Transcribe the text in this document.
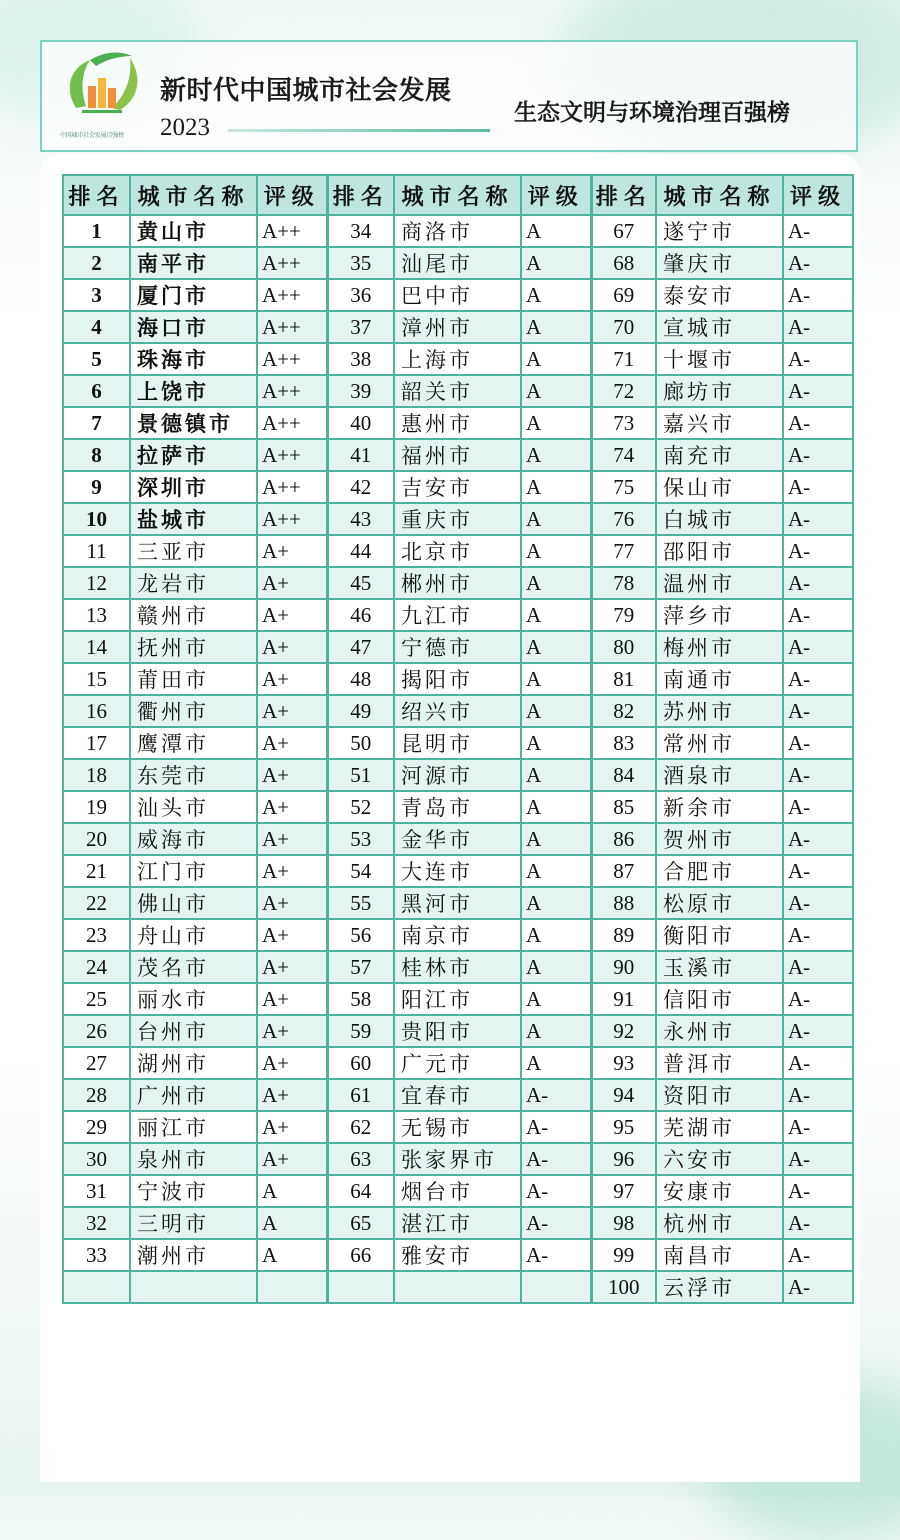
中国城市社会发展百强榜
新时代中国城市社会发展
2023
生态文明与环境治理百强榜
排名	城市名称	评级	排名	城市名称	评级	排名	城市名称	评级
1	黄山市	A++	34	商洛市	A	67	遂宁市	A-
2	南平市	A++	35	汕尾市	A	68	肇庆市	A-
3	厦门市	A++	36	巴中市	A	69	泰安市	A-
4	海口市	A++	37	漳州市	A	70	宣城市	A-
5	珠海市	A++	38	上海市	A	71	十堰市	A-
6	上饶市	A++	39	韶关市	A	72	廊坊市	A-
7	景德镇市	A++	40	惠州市	A	73	嘉兴市	A-
8	拉萨市	A++	41	福州市	A	74	南充市	A-
9	深圳市	A++	42	吉安市	A	75	保山市	A-
10	盐城市	A++	43	重庆市	A	76	白城市	A-
11	三亚市	A+	44	北京市	A	77	邵阳市	A-
12	龙岩市	A+	45	郴州市	A	78	温州市	A-
13	赣州市	A+	46	九江市	A	79	萍乡市	A-
14	抚州市	A+	47	宁德市	A	80	梅州市	A-
15	莆田市	A+	48	揭阳市	A	81	南通市	A-
16	衢州市	A+	49	绍兴市	A	82	苏州市	A-
17	鹰潭市	A+	50	昆明市	A	83	常州市	A-
18	东莞市	A+	51	河源市	A	84	酒泉市	A-
19	汕头市	A+	52	青岛市	A	85	新余市	A-
20	威海市	A+	53	金华市	A	86	贺州市	A-
21	江门市	A+	54	大连市	A	87	合肥市	A-
22	佛山市	A+	55	黑河市	A	88	松原市	A-
23	舟山市	A+	56	南京市	A	89	衡阳市	A-
24	茂名市	A+	57	桂林市	A	90	玉溪市	A-
25	丽水市	A+	58	阳江市	A	91	信阳市	A-
26	台州市	A+	59	贵阳市	A	92	永州市	A-
27	湖州市	A+	60	广元市	A	93	普洱市	A-
28	广州市	A+	61	宜春市	A-	94	资阳市	A-
29	丽江市	A+	62	无锡市	A-	95	芜湖市	A-
30	泉州市	A+	63	张家界市	A-	96	六安市	A-
31	宁波市	A	64	烟台市	A-	97	安康市	A-
32	三明市	A	65	湛江市	A-	98	杭州市	A-
33	潮州市	A	66	雅安市	A-	99	南昌市	A-
						100	云浮市	A-
